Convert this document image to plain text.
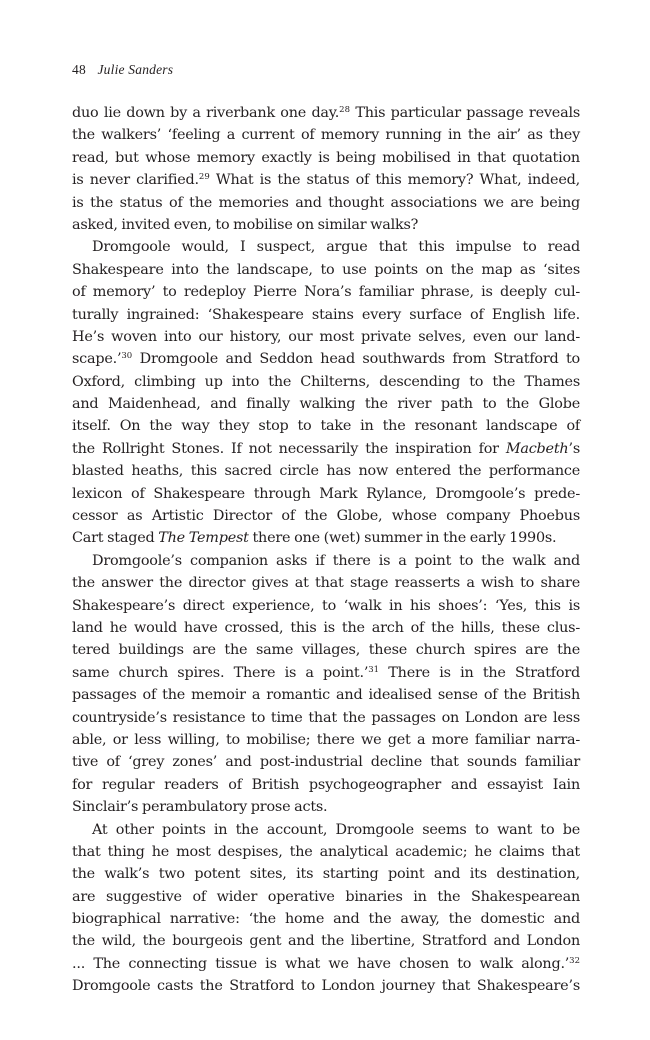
48 Julie Sanders
duo lie down by a riverbank one day.$^{28}$ This particular passage reveals
the walkers’ ‘feeling a current of memory running in the air’ as they
read, but whose memory exactly is being mobilised in that quotation
is never clarified.$^{29}$ What is the status of this memory? What, indeed,
is the status of the memories and thought associations we are being
asked, invited even, to mobilise on similar walks?
Dromgoole would, I suspect, argue that this impulse to read
Shakespeare into the landscape, to use points on the map as ‘sites
of memory’ to redeploy Pierre Nora’s familiar phrase, is deeply cul-
turally ingrained: ‘Shakespeare stains every surface of English life.
He’s woven into our history, our most private selves, even our land-
scape.’$^{30}$ Dromgoole and Seddon head southwards from Stratford to
Oxford, climbing up into the Chilterns, descending to the Thames
and Maidenhead, and finally walking the river path to the Globe
itself. On the way they stop to take in the resonant landscape of
the Rollright Stones. If not necessarily the inspiration for Macbeth’s
blasted heaths, this sacred circle has now entered the performance
lexicon of Shakespeare through Mark Rylance, Dromgoole’s prede-
cessor as Artistic Director of the Globe, whose company Phoebus
Cart staged The Tempest there one (wet) summer in the early 1990s.
Dromgoole’s companion asks if there is a point to the walk and
the answer the director gives at that stage reasserts a wish to share
Shakespeare’s direct experience, to ‘walk in his shoes’: ‘Yes, this is
land he would have crossed, this is the arch of the hills, these clus-
tered buildings are the same villages, these church spires are the
same church spires. There is a point.’$^{31}$ There is in the Stratford
passages of the memoir a romantic and idealised sense of the British
countryside’s resistance to time that the passages on London are less
able, or less willing, to mobilise; there we get a more familiar narra-
tive of ‘grey zones’ and post-industrial decline that sounds familiar
for regular readers of British psychogeographer and essayist Iain
Sinclair’s perambulatory prose acts.
At other points in the account, Dromgoole seems to want to be
that thing he most despises, the analytical academic; he claims that
the walk’s two potent sites, its starting point and its destination,
are suggestive of wider operative binaries in the Shakespearean
biographical narrative: ‘the home and the away, the domestic and
the wild, the bourgeois gent and the libertine, Stratford and London
... The connecting tissue is what we have chosen to walk along.’$^{32}$
Dromgoole casts the Stratford to London journey that Shakespeare’s
